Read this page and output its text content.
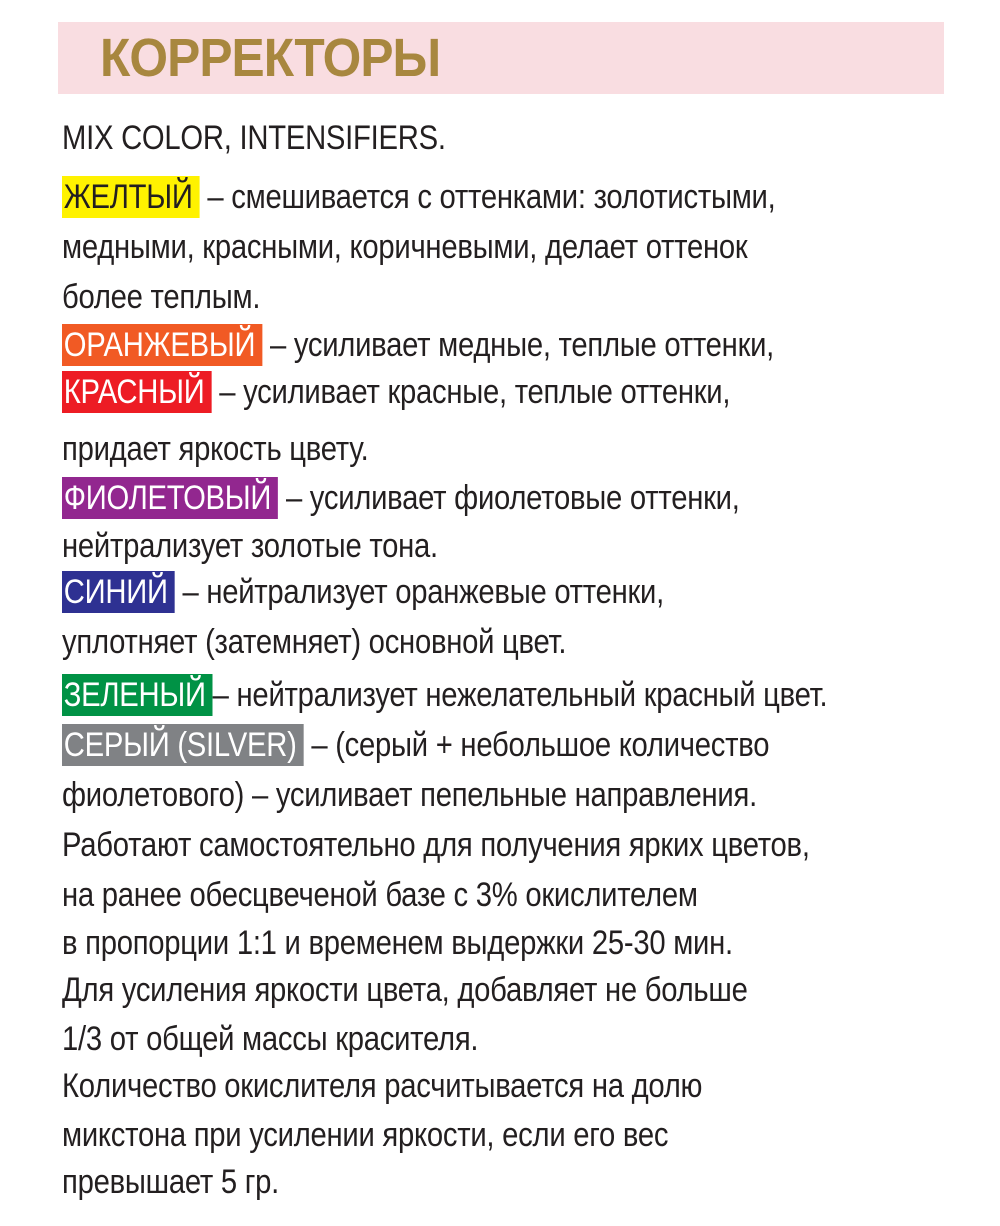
КОРРЕКТОРЫ
MIX COLOR, INTENSIFIERS.
ЖЕЛТЫЙ – смешивается с оттенками: золотистыми,
медными, красными, коричневыми, делает оттенок
более теплым.
ОРАНЖЕВЫЙ – усиливает медные, теплые оттенки,
КРАСНЫЙ – усиливает красные, теплые оттенки,
придает яркость цвету.
ФИОЛЕТОВЫЙ – усиливает фиолетовые оттенки,
нейтрализует золотые тона.
СИНИЙ – нейтрализует оранжевые оттенки,
уплотняет (затемняет) основной цвет.
ЗЕЛЕНЫЙ – нейтрализует нежелательный красный цвет.
СЕРЫЙ (SILVER) – (серый + небольшое количество
фиолетового) – усиливает пепельные направления.
Работают самостоятельно для получения ярких цветов,
на ранее обесцвеченой базе с 3% окислителем
в пропорции 1:1 и временем выдержки 25-30 мин.
Для усиления яркости цвета, добавляет не больше
1/3 от общей массы красителя.
Количество окислителя расчитывается на долю
микстона при усилении яркости, если его вес
превышает 5 гр.
